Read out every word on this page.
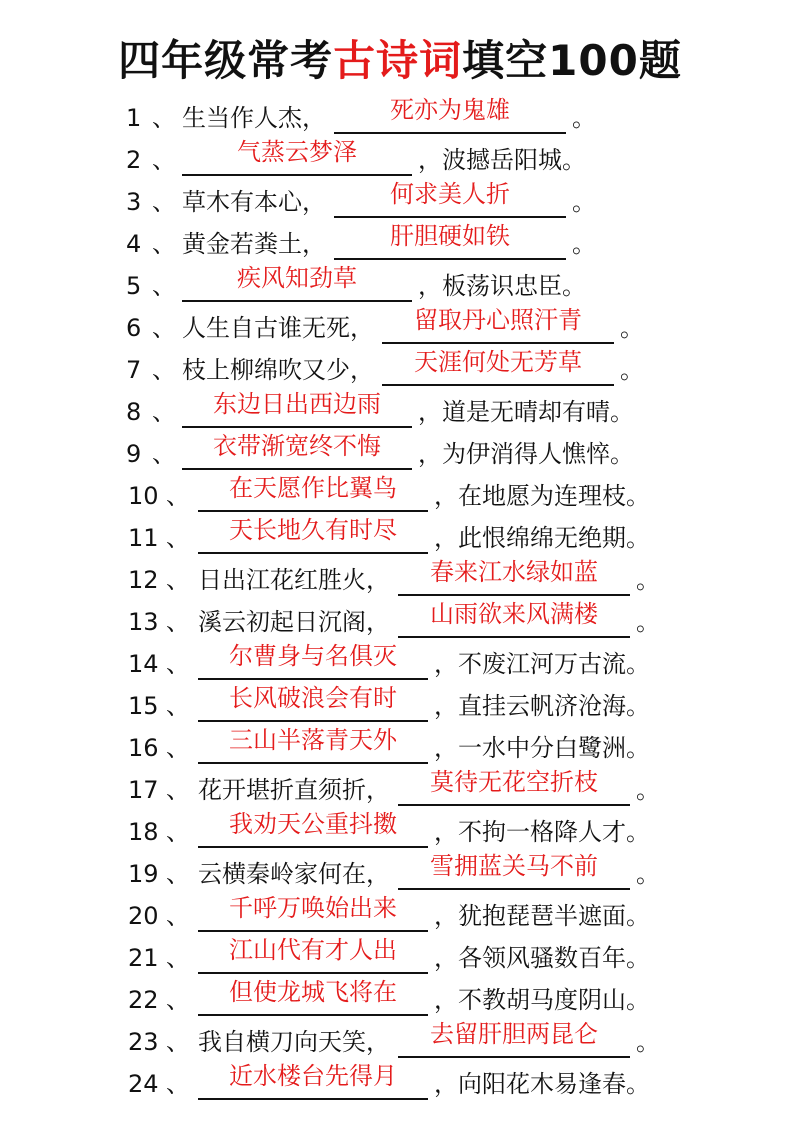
四年级常考古诗词填空100题
1 、 生当作人杰，	死亦为鬼雄	。
2 、	气蒸云梦泽	，波撼岳阳城。
3 、 草木有本心，	何求美人折	。
4 、 黄金若粪土，	肝胆硬如铁	。
5 、	疾风知劲草	，板荡识忠臣。
6 、 人生自古谁无死，	留取丹心照汗青	。
7 、 枝上柳绵吹又少，	天涯何处无芳草	。
8 、	东边日出西边雨	，道是无晴却有晴。
9 、	衣带渐宽终不悔	，为伊消得人憔悴。
10 、	在天愿作比翼鸟	，在地愿为连理枝。
11 、	天长地久有时尽	，此恨绵绵无绝期。
12 、 日出江花红胜火，	春来江水绿如蓝	。
13 、 溪云初起日沉阁，	山雨欲来风满楼	。
14 、	尔曹身与名俱灭	，不废江河万古流。
15 、	长风破浪会有时	，直挂云帆济沧海。
16 、	三山半落青天外	，一水中分白鹭洲。
17 、 花开堪折直须折，	莫待无花空折枝	。
18 、	我劝天公重抖擞	，不拘一格降人才。
19 、 云横秦岭家何在，	雪拥蓝关马不前	。
20 、	千呼万唤始出来	，犹抱琵琶半遮面。
21 、	江山代有才人出	，各领风骚数百年。
22 、	但使龙城飞将在	，不教胡马度阴山。
23 、 我自横刀向天笑，	去留肝胆两昆仑	。
24 、	近水楼台先得月	，向阳花木易逢春。
